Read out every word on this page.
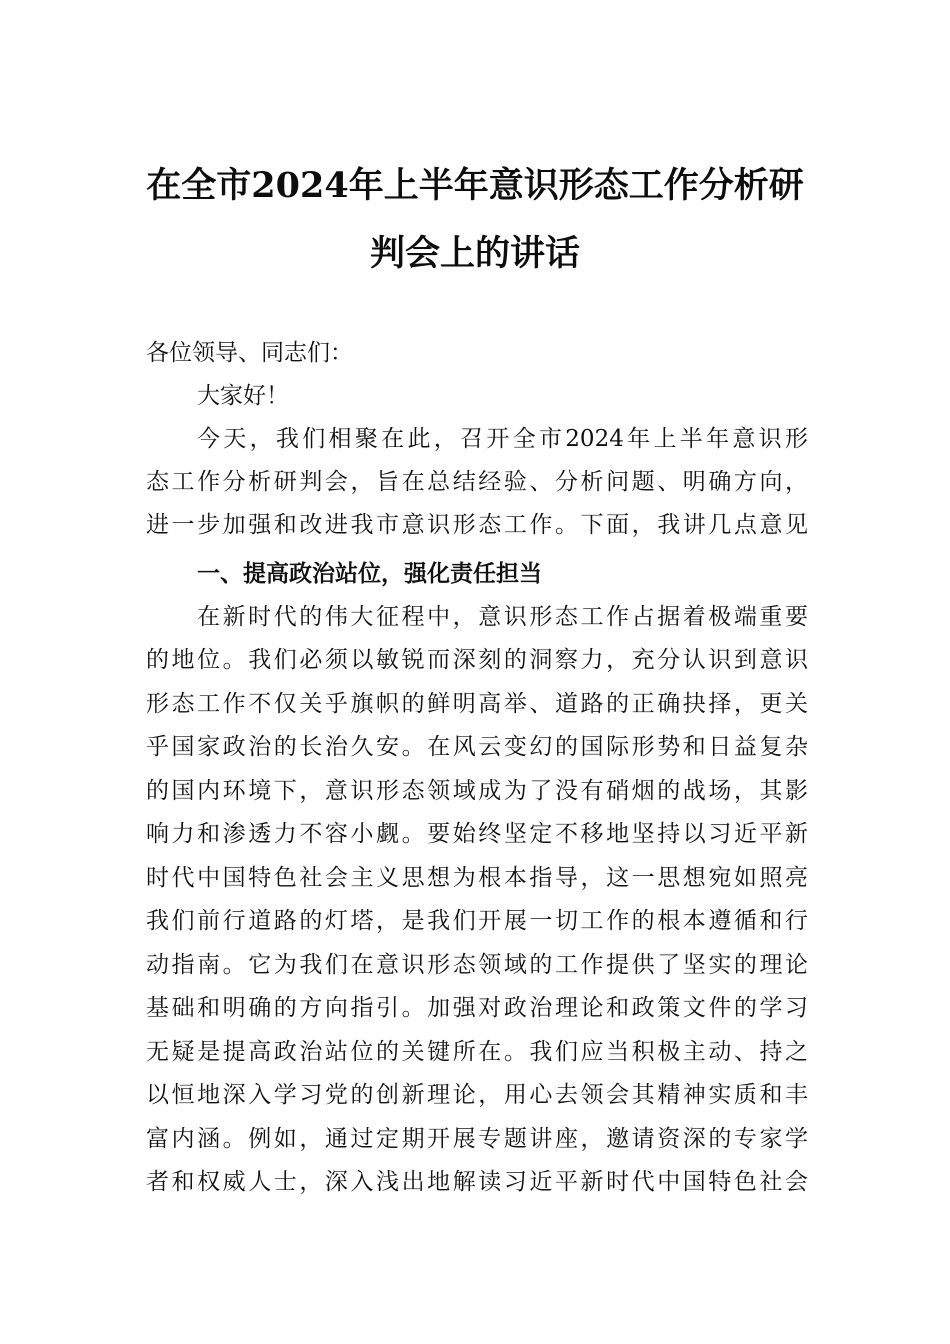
在全市2024年上半年意识形态工作分析研
判会上的讲话
各位领导、同志们：
大家好！
今天，我们相聚在此，召开全市2024年上半年意识形
态工作分析研判会，旨在总结经验、分析问题、明确方向，
进一步加强和改进我市意识形态工作。下面，我讲几点意见
一、提高政治站位，强化责任担当
在新时代的伟大征程中，意识形态工作占据着极端重要
的地位。我们必须以敏锐而深刻的洞察力，充分认识到意识
形态工作不仅关乎旗帜的鲜明高举、道路的正确抉择，更关
乎国家政治的长治久安。在风云变幻的国际形势和日益复杂
的国内环境下，意识形态领域成为了没有硝烟的战场，其影
响力和渗透力不容小觑。要始终坚定不移地坚持以习近平新
时代中国特色社会主义思想为根本指导，这一思想宛如照亮
我们前行道路的灯塔，是我们开展一切工作的根本遵循和行
动指南。它为我们在意识形态领域的工作提供了坚实的理论
基础和明确的方向指引。加强对政治理论和政策文件的学习
无疑是提高政治站位的关键所在。我们应当积极主动、持之
以恒地深入学习党的创新理论，用心去领会其精神实质和丰
富内涵。例如，通过定期开展专题讲座，邀请资深的专家学
者和权威人士，深入浅出地解读习近平新时代中国特色社会
